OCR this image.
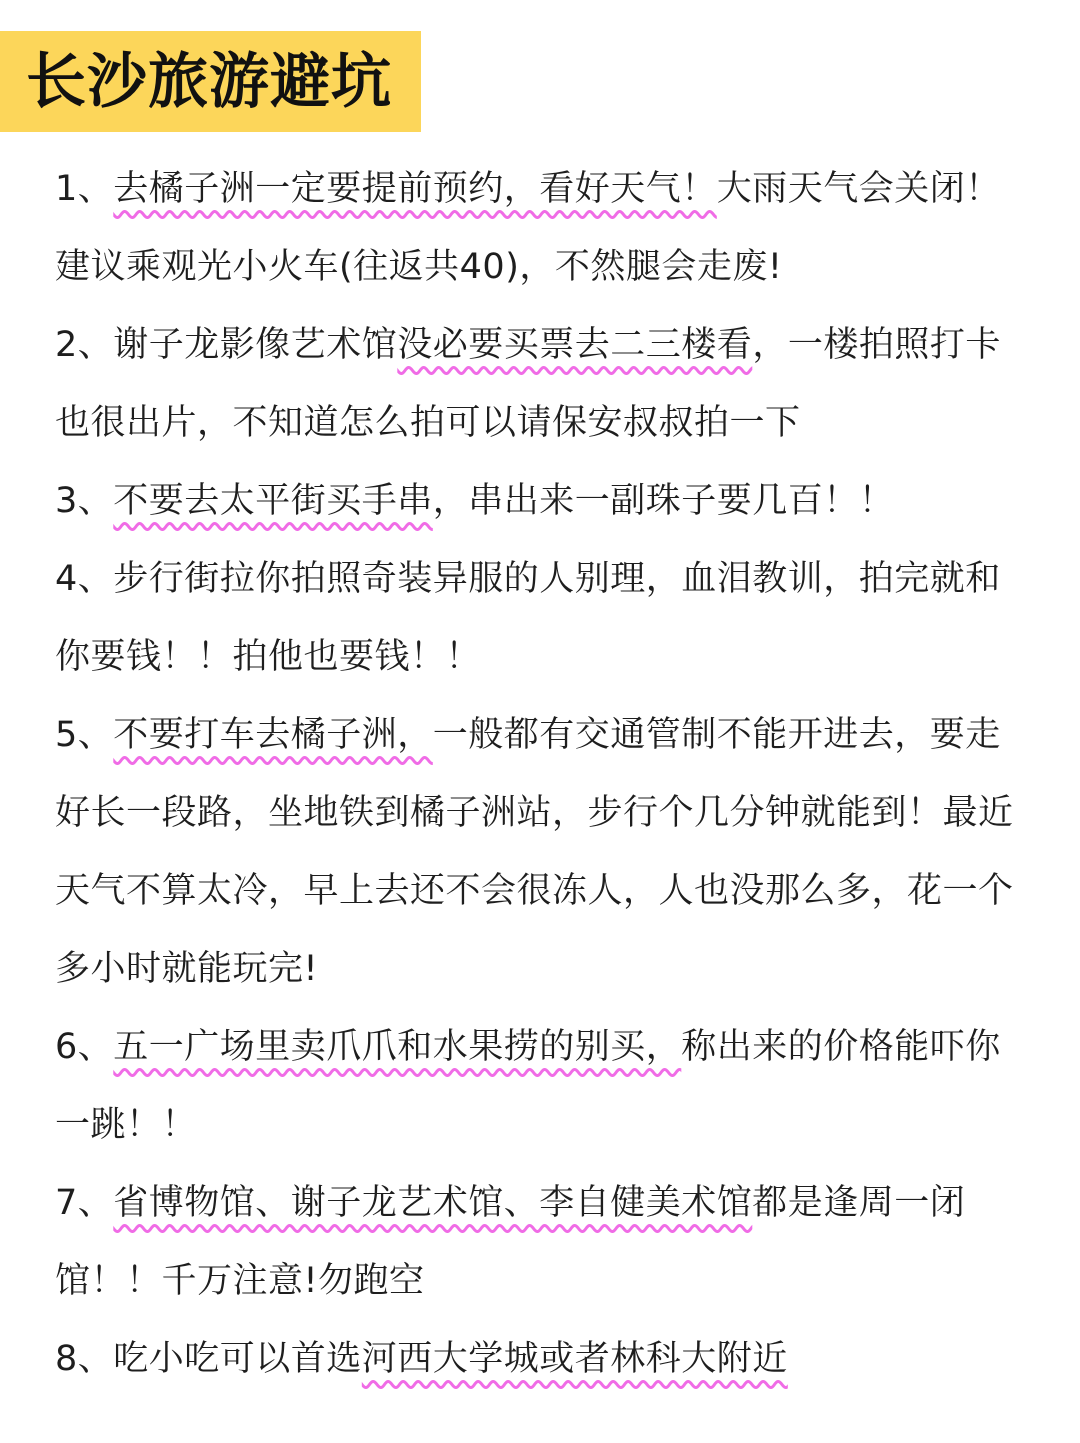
长沙旅游避坑

1、去橘子洲一定要提前预约，看好天气！大雨天气会关闭！建议乘观光小火车(往返共40)，不然腿会走废!

2、谢子龙影像艺术馆没必要买票去二三楼看，一楼拍照打卡也很出片，不知道怎么拍可以请保安叔叔拍一下

3、不要去太平街买手串，串出来一副珠子要几百！！

4、步行街拉你拍照奇装异服的人别理，血泪教训，拍完就和你要钱！！拍他也要钱！！

5、不要打车去橘子洲，一般都有交通管制不能开进去，要走好长一段路，坐地铁到橘子洲站，步行个几分钟就能到！最近天气不算太冷，早上去还不会很冻人，人也没那么多，花一个多小时就能玩完!

6、五一广场里卖爪爪和水果捞的别买，称出来的价格能吓你一跳！！

7、省博物馆、谢子龙艺术馆、李自健美术馆都是逢周一闭馆！！千万注意!勿跑空

8、吃小吃可以首选河西大学城或者林科大附近
